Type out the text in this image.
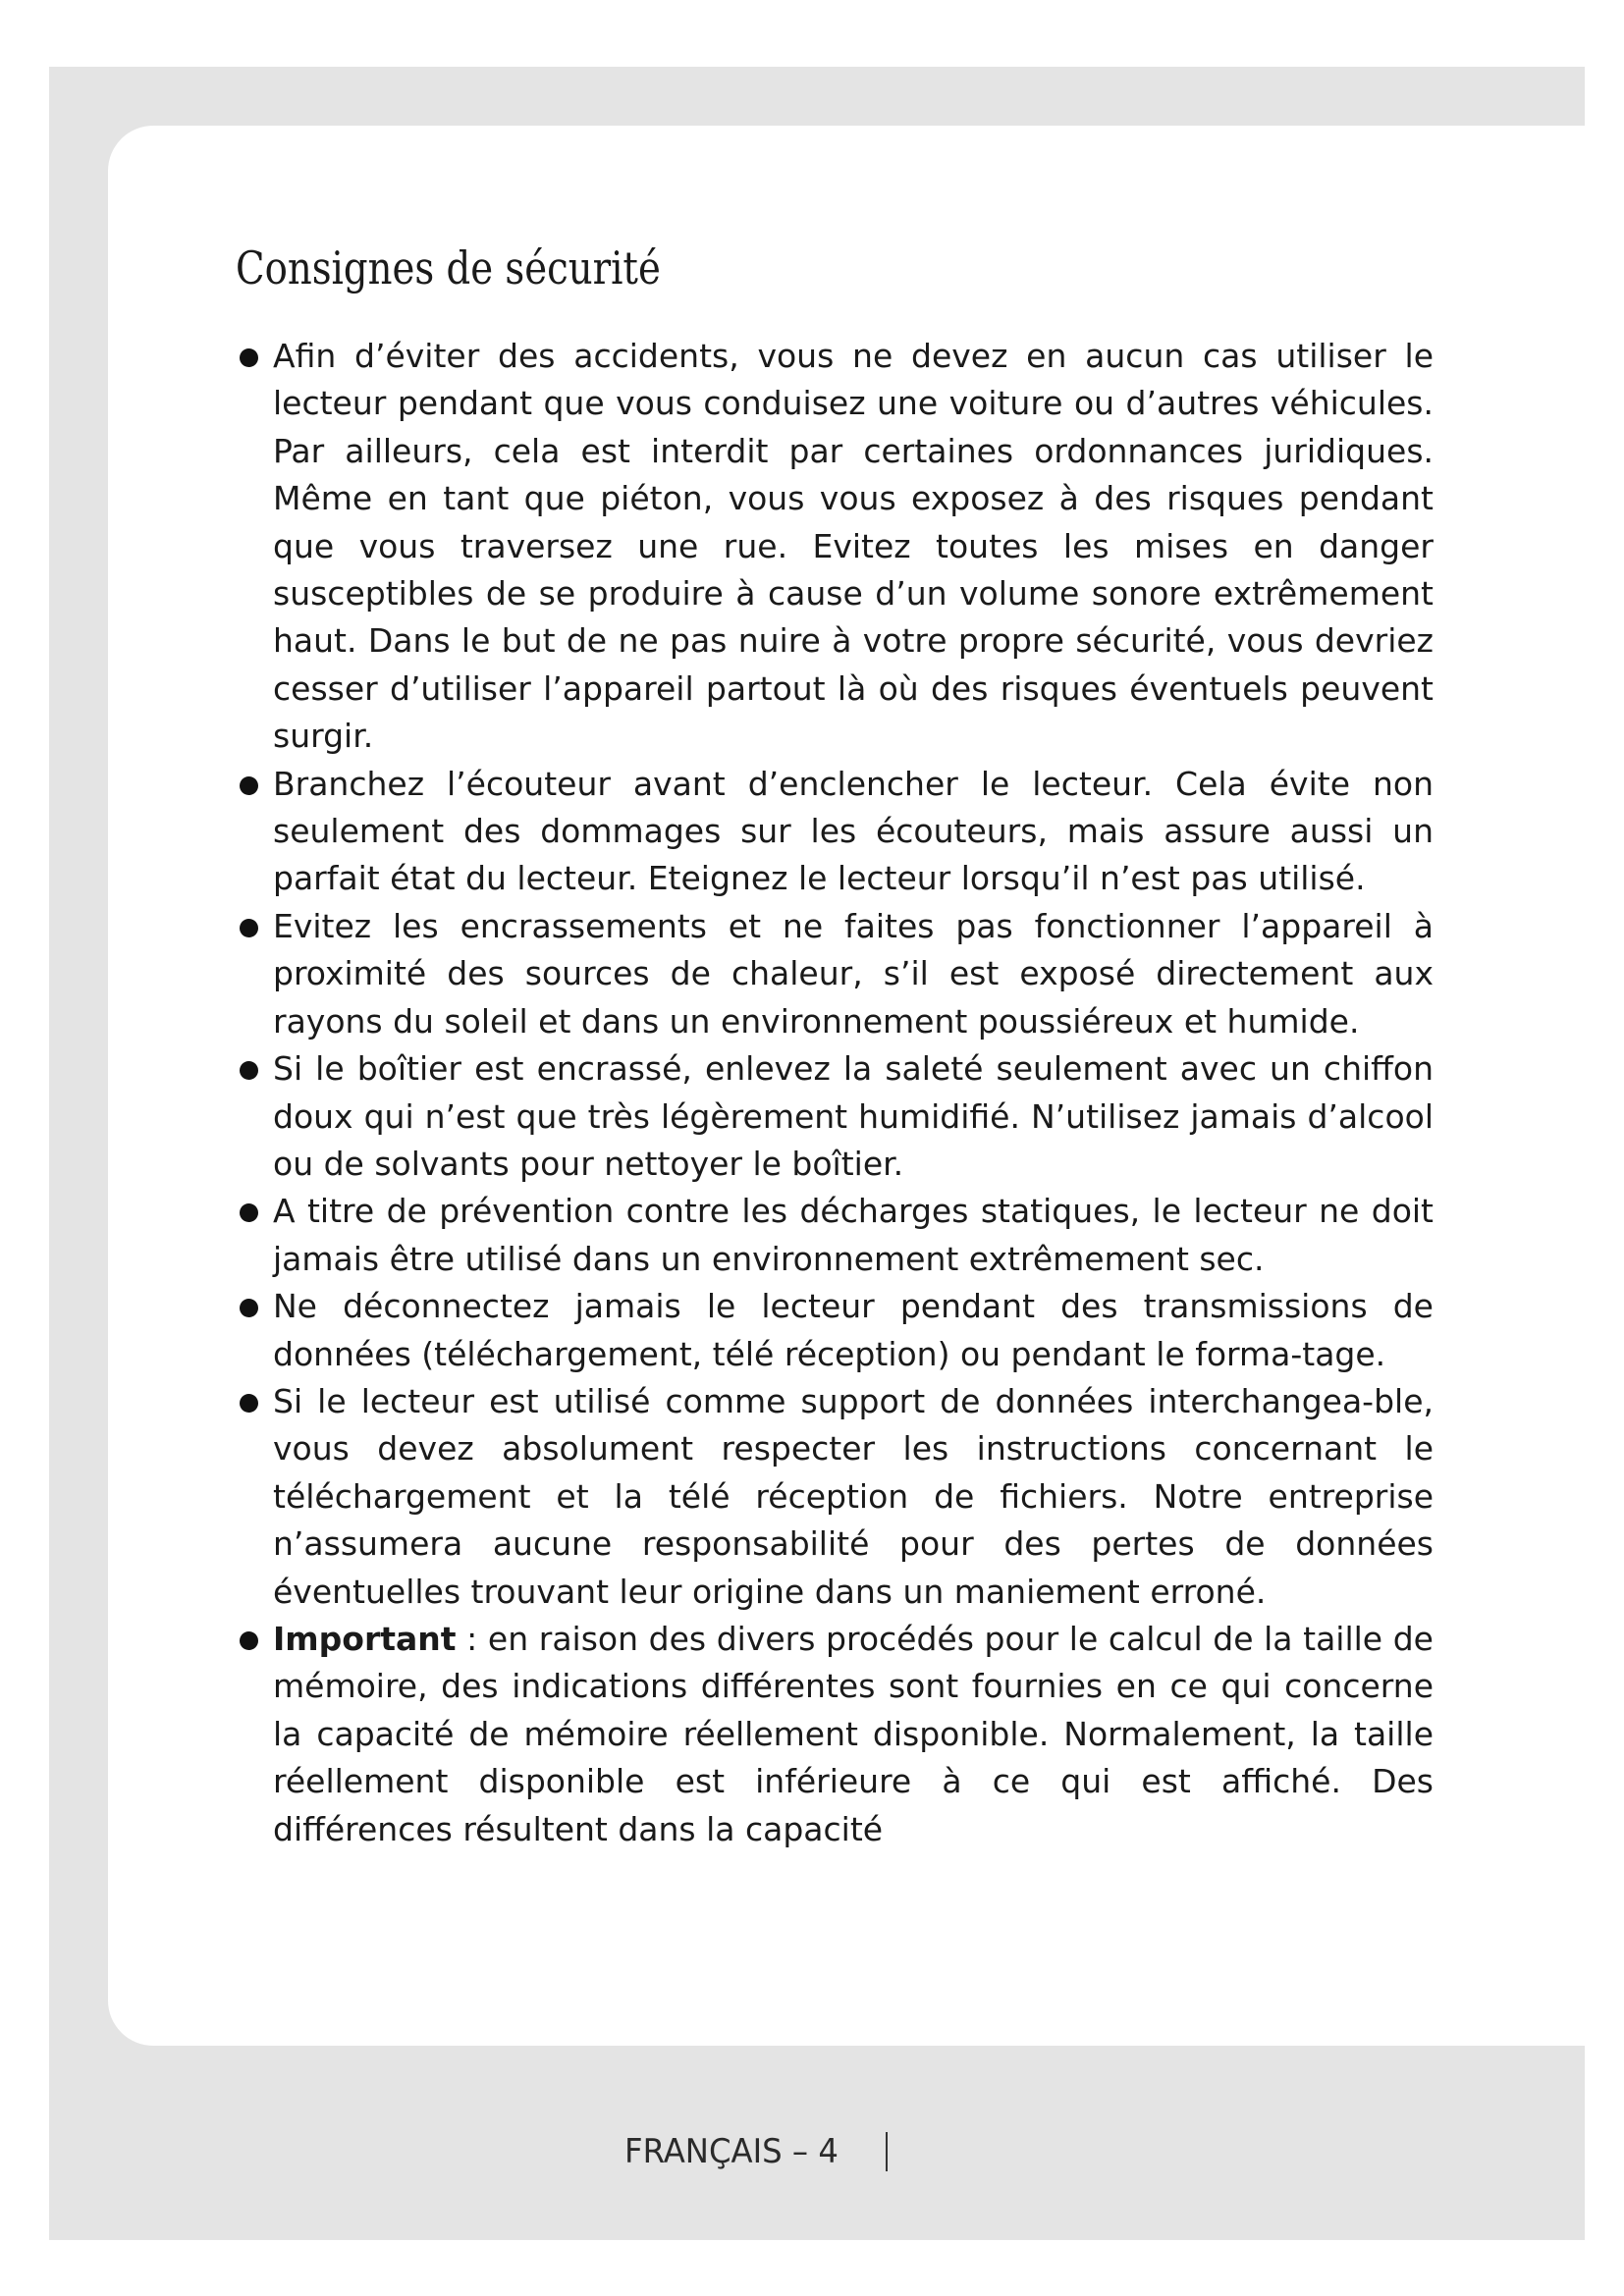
Consignes de sécurité
Afin d’éviter des accidents, vous ne devez en aucun cas utiliser le lecteur pendant que vous conduisez une voiture ou d’autres véhicules. Par ailleurs, cela est interdit par certaines ordonnances juridiques. Même en tant que piéton, vous vous exposez à des risques pendant que vous traversez une rue. Evitez toutes les mises en danger susceptibles de se produire à cause d’un volume sonore extrêmement haut. Dans le but de ne pas nuire à votre propre sécurité, vous devriez cesser d’utiliser l’appareil partout là où des risques éventuels peuvent surgir.
Branchez l’écouteur avant d’enclencher le lecteur. Cela évite non seulement des dommages sur les écouteurs, mais assure aussi un parfait état du lecteur. Eteignez le lecteur lorsqu’il n’est pas utilisé.
Evitez les encrassements et ne faites pas fonctionner l’appareil à proximité des sources de chaleur, s’il est exposé directement aux rayons du soleil et dans un environnement poussiéreux et humide.
Si le boîtier est encrassé, enlevez la saleté seulement avec un chiffon doux qui n’est que très légèrement humidifié. N’utilisez jamais d’alcool ou de solvants pour nettoyer le boîtier.
A titre de prévention contre les décharges statiques, le lecteur ne doit jamais être utilisé dans un environnement extrêmement sec.
Ne déconnectez jamais le lecteur pendant des transmissions de données (téléchargement, télé réception) ou pendant le forma-tage.
Si le lecteur est utilisé comme support de données interchangea-ble, vous devez absolument respecter les instructions concernant le téléchargement et la télé réception de fichiers. Notre entreprise n’assumera aucune responsabilité pour des pertes de données éventuelles trouvant leur origine dans un maniement erroné.
Important : en raison des divers procédés pour le calcul de la taille de mémoire, des indications différentes sont fournies en ce qui concerne la capacité de mémoire réellement disponible. Normalement, la taille réellement disponible est inférieure à ce qui est affiché. Des différences résultent dans la capacité
FRANÇAIS – 4
